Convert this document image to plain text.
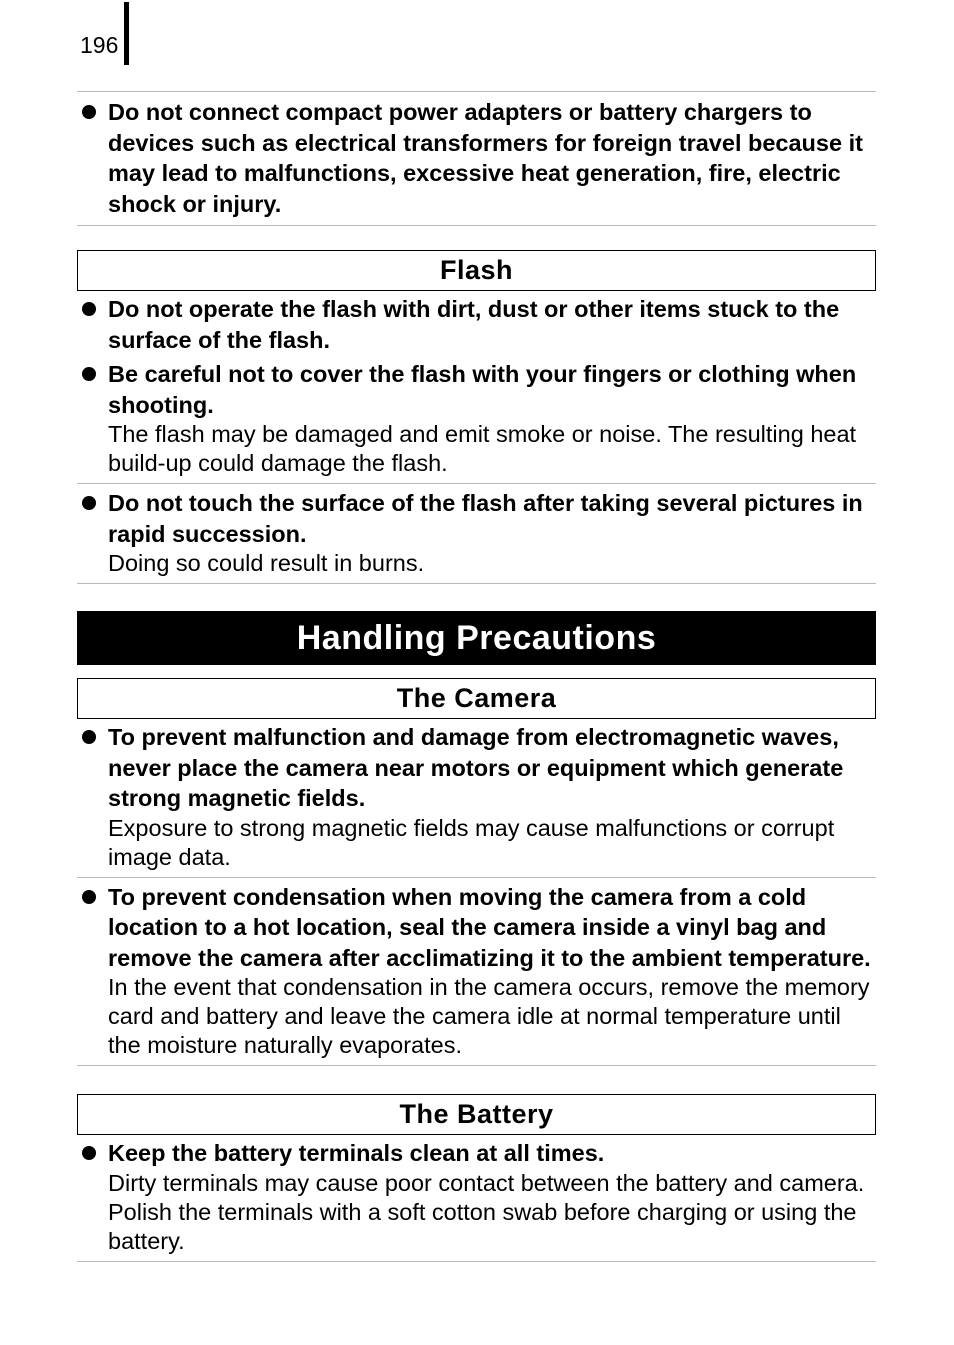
196
Do not connect compact power adapters or battery chargers to devices such as electrical transformers for foreign travel because it may lead to malfunctions, excessive heat generation, fire, electric shock or injury.
Flash
Do not operate the flash with dirt, dust or other items stuck to the surface of the flash.
Be careful not to cover the flash with your fingers or clothing when shooting.
The flash may be damaged and emit smoke or noise. The resulting heat build-up could damage the flash.
Do not touch the surface of the flash after taking several pictures in rapid succession.
Doing so could result in burns.
Handling Precautions
The Camera
To prevent malfunction and damage from electromagnetic waves, never place the camera near motors or equipment which generate strong magnetic fields.
Exposure to strong magnetic fields may cause malfunctions or corrupt image data.
To prevent condensation when moving the camera from a cold location to a hot location, seal the camera inside a vinyl bag and remove the camera after acclimatizing it to the ambient temperature.
In the event that condensation in the camera occurs, remove the memory card and battery and leave the camera idle at normal temperature until the moisture naturally evaporates.
The Battery
Keep the battery terminals clean at all times.
Dirty terminals may cause poor contact between the battery and camera. Polish the terminals with a soft cotton swab before charging or using the battery.
